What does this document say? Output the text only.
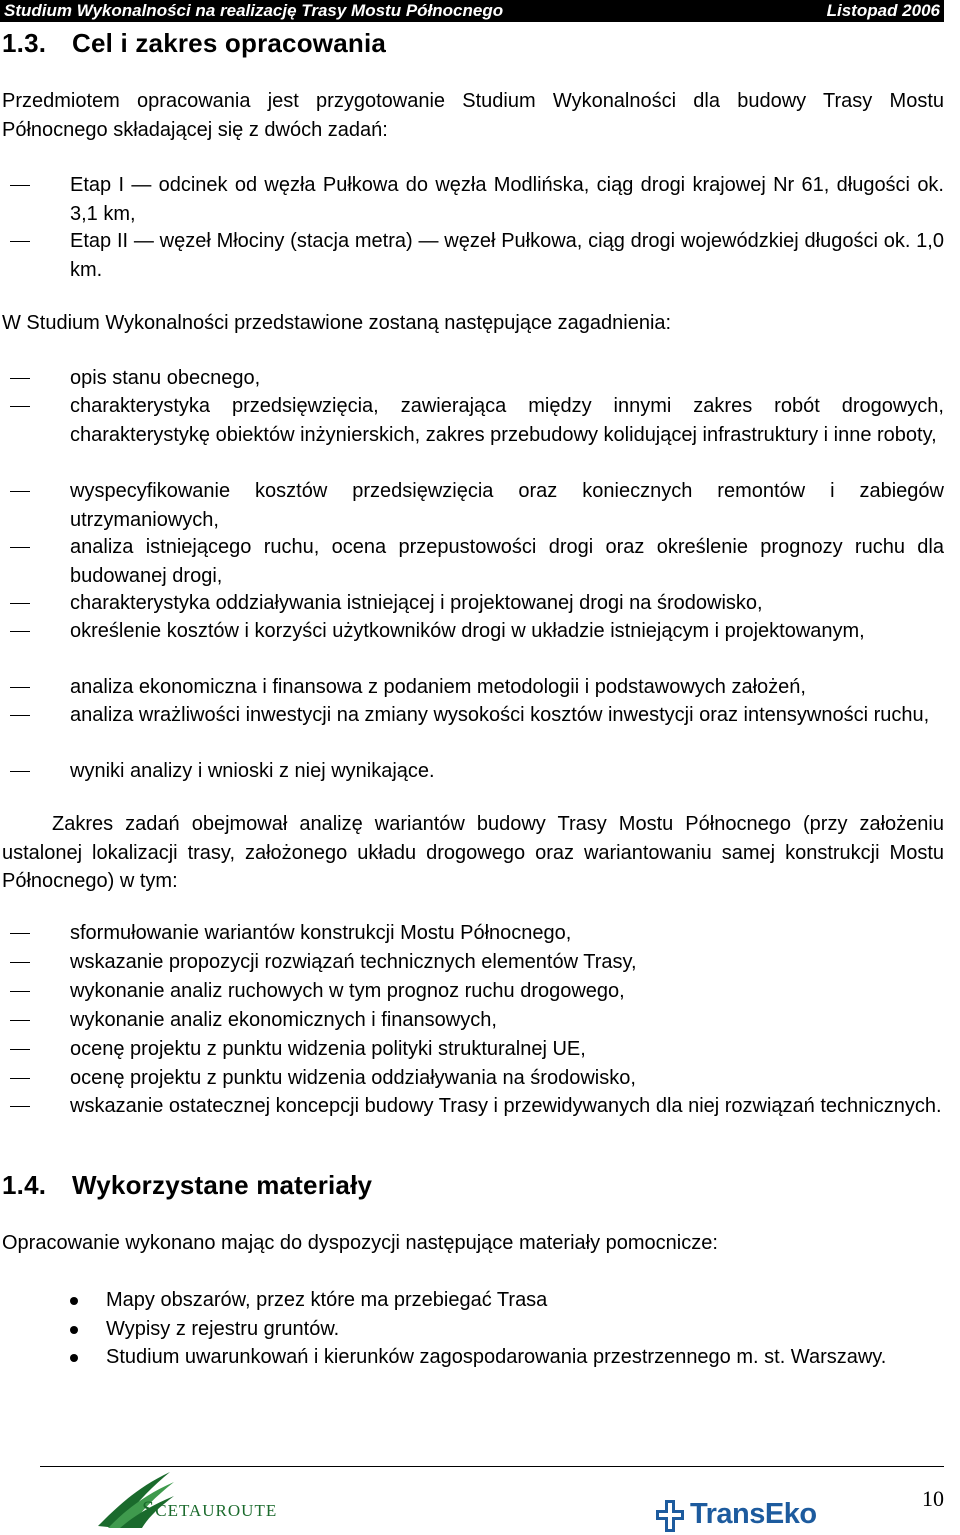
Studium Wykonalności na realizację Trasy Mostu Północnego	Listopad 2006
1.3. Cel i zakres opracowania
Przedmiotem opracowania jest przygotowanie Studium Wykonalności dla budowy Trasy Mostu Północnego składającej się z dwóch zadań:
Etap I — odcinek od węzła Pułkowa do węzła Modlińska, ciąg drogi krajowej Nr 61, długości ok. 3,1 km,
Etap II — węzeł Młociny (stacja metra) — węzeł Pułkowa, ciąg drogi wojewódzkiej długości ok. 1,0 km.
W Studium Wykonalności przedstawione zostaną następujące zagadnienia:
opis stanu obecnego,
charakterystyka przedsięwzięcia, zawierająca między innymi zakres robót drogowych, charakterystykę obiektów inżynierskich, zakres przebudowy kolidującej infrastruktury i inne roboty,
wyspecyfikowanie kosztów przedsięwzięcia oraz koniecznych remontów i zabiegów utrzymaniowych,
analiza istniejącego ruchu, ocena przepustowości drogi oraz określenie prognozy ruchu dla budowanej drogi,
charakterystyka oddziaływania istniejącej i projektowanej drogi na środowisko,
określenie kosztów i korzyści użytkowników drogi w układzie istniejącym i projektowanym,
analiza ekonomiczna i finansowa z podaniem metodologii i podstawowych założeń,
analiza wrażliwości inwestycji na zmiany wysokości kosztów inwestycji oraz intensywności ruchu,
wyniki analizy i wnioski z niej wynikające.
Zakres zadań obejmował analizę wariantów budowy Trasy Mostu Północnego (przy założeniu ustalonej lokalizacji trasy, założonego układu drogowego oraz wariantowaniu samej konstrukcji Mostu Północnego) w tym:
sformułowanie wariantów konstrukcji Mostu Północnego,
wskazanie propozycji rozwiązań technicznych elementów Trasy,
wykonanie analiz ruchowych w tym prognoz ruchu drogowego,
wykonanie analiz ekonomicznych i finansowych,
ocenę projektu z punktu widzenia polityki strukturalnej UE,
ocenę projektu z punktu widzenia oddziaływania na środowisko,
wskazanie ostatecznej koncepcji budowy Trasy i przewidywanych dla niej rozwiązań technicznych.
1.4. Wykorzystane materiały
Opracowanie wykonano mając do dyspozycji następujące materiały pomocnicze:
Mapy obszarów, przez które ma przebiegać Trasa
Wypisy z rejestru gruntów.
Studium uwarunkowań i kierunków zagospodarowania przestrzennego m. st. Warszawy.
10
SCETAUROUTE	TransEko
